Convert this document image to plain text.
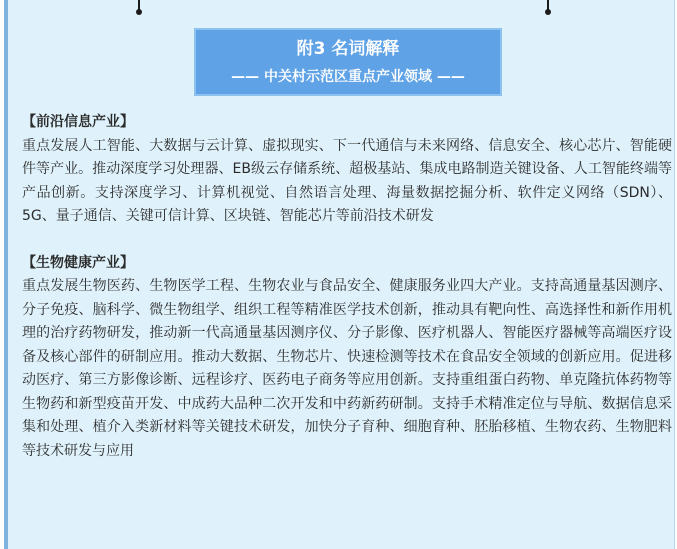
附3 名词解释
—— 中关村示范区重点产业领域 ——

【前沿信息产业】

重点发展人工智能、大数据与云计算、虚拟现实、下一代通信与未来网络、信息安全、核心芯片、智能硬件等产业。推动深度学习处理器、EB级云存储系统、超极基站、集成电路制造关键设备、人工智能终端等产品创新。支持深度学习、计算机视觉、自然语言处理、海量数据挖掘分析、软件定义网络（SDN）、5G、量子通信、关键可信计算、区块链、智能芯片等前沿技术研发

【生物健康产业】

重点发展生物医药、生物医学工程、生物农业与食品安全、健康服务业四大产业。支持高通量基因测序、分子免疫、脑科学、微生物组学、组织工程等精准医学技术创新，推动具有靶向性、高选择性和新作用机理的治疗药物研发，推动新一代高通量基因测序仪、分子影像、医疗机器人、智能医疗器械等高端医疗设备及核心部件的研制应用。推动大数据、生物芯片、快速检测等技术在食品安全领域的创新应用。促进移动医疗、第三方影像诊断、远程诊疗、医药电子商务等应用创新。支持重组蛋白药物、单克隆抗体药物等生物药和新型疫苗开发、中成药大品种二次开发和中药新药研制。支持手术精准定位与导航、数据信息采集和处理、植介入类新材料等关键技术研发，加快分子育种、细胞育种、胚胎移植、生物农药、生物肥料等技术研发与应用
